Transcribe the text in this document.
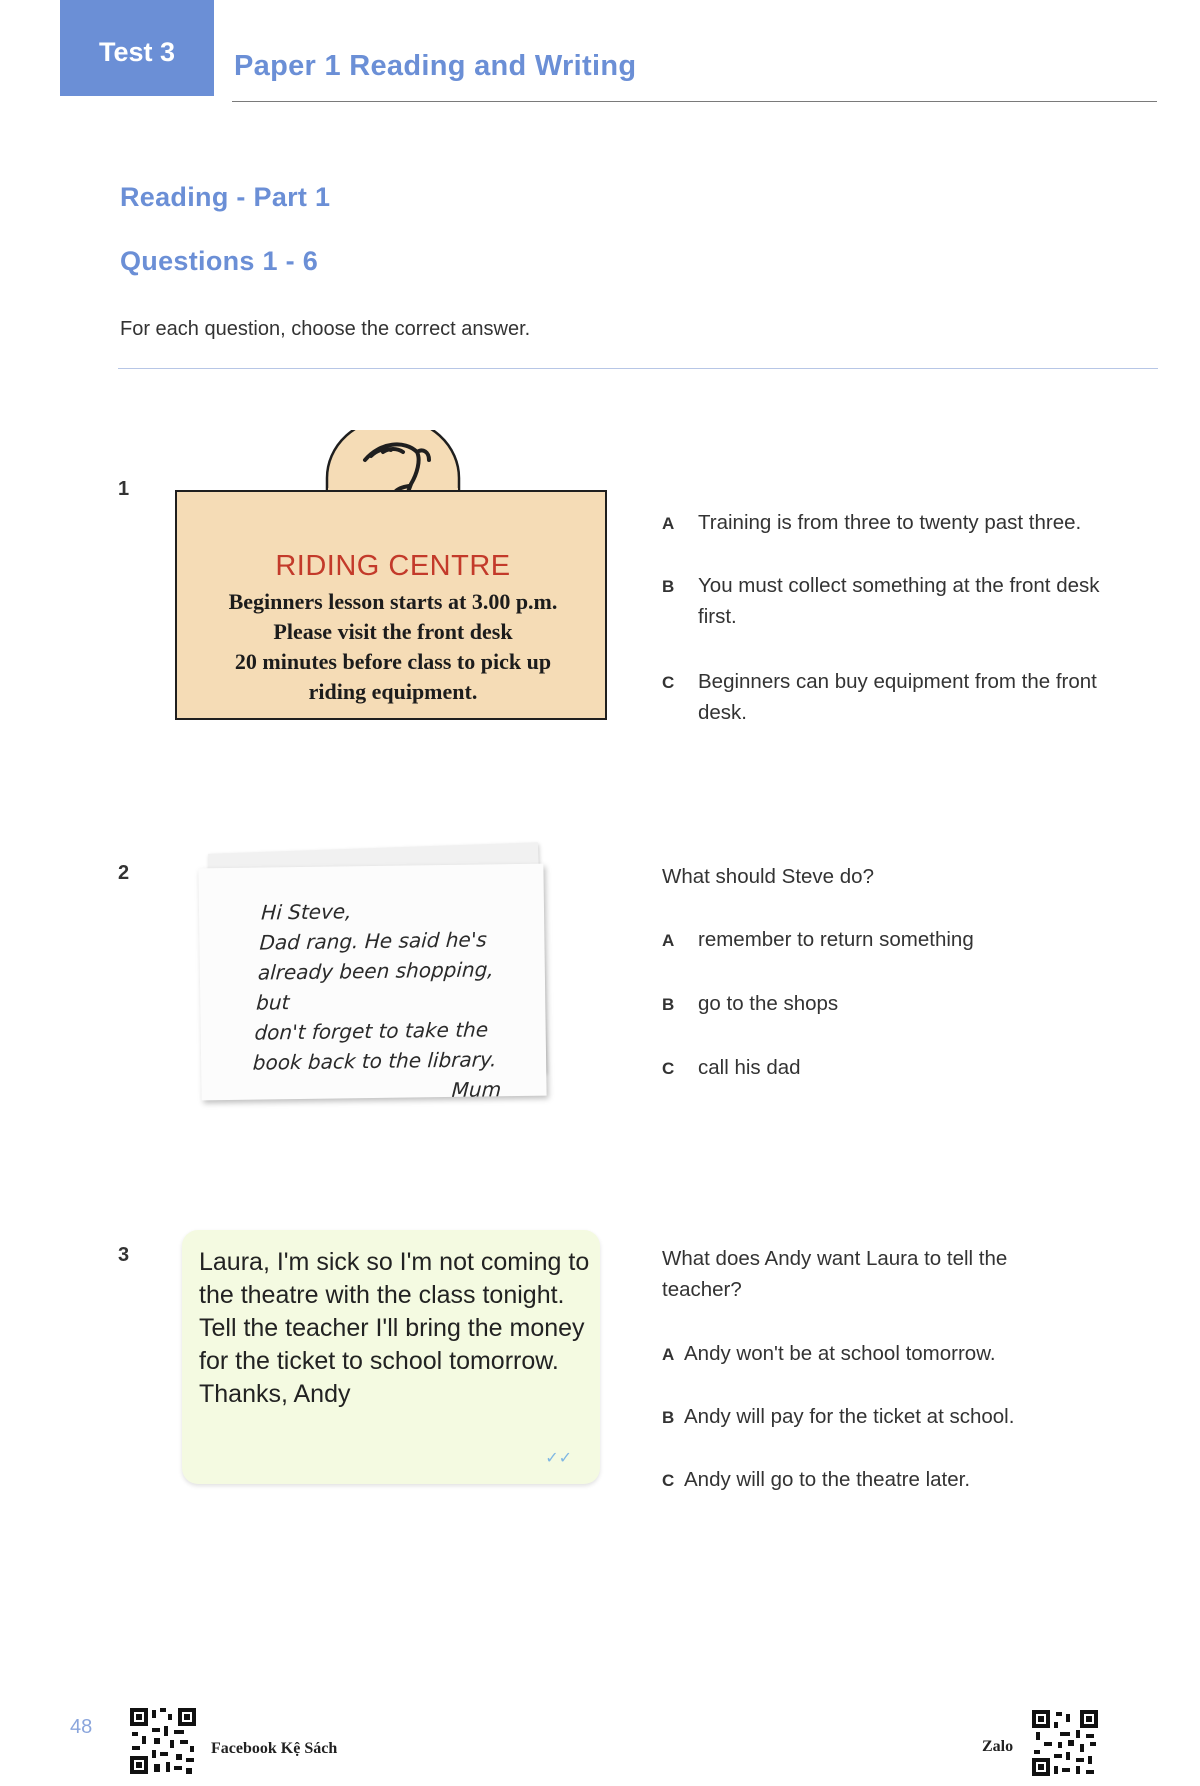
Test 3 Paper 1 Reading and Writing
Reading - Part 1
Questions 1 - 6
For each question, choose the correct answer.
1
RIDING CENTRE
Beginners lesson starts at 3.00 p.m.
Please visit the front desk
20 minutes before class to pick up
riding equipment.
A Training is from three to twenty past three.
B You must collect something at the front desk first.
C Beginners can buy equipment from the front desk.
2
Hi Steve,
Dad rang. He said he's
already been shopping, but
don't forget to take the
book back to the library.
Mum
What should Steve do?
A remember to return something
B go to the shops
C call his dad
3	Laura, I'm sick so I'm not coming to the theatre with the class tonight. Tell the teacher I'll bring the money for the ticket to school tomorrow. Thanks, Andy
✓✓
What does Andy want Laura to tell the teacher?
A Andy won't be at school tomorrow.
B Andy will pay for the ticket at school.
C Andy will go to the theatre later.
48
Facebook Kệ Sách	Zalo
